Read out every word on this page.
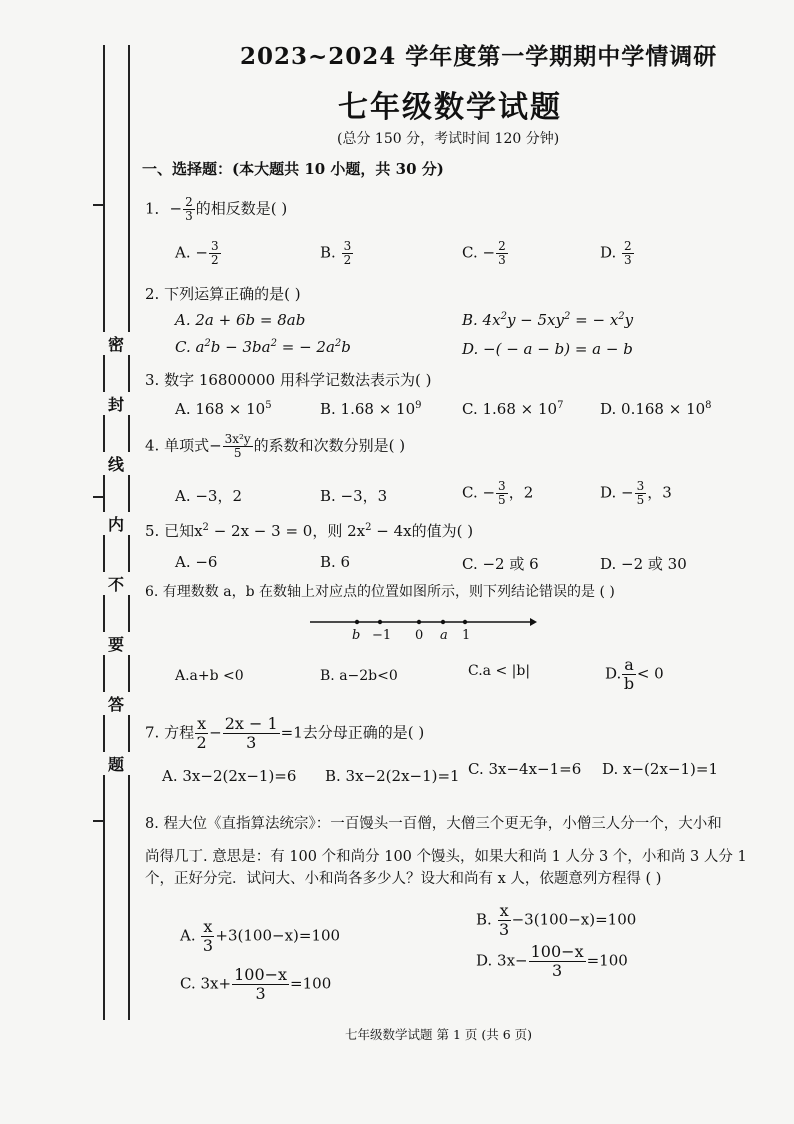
密
封
线
内
不
要
答
题
2023~2024 学年度第一学期期中学情调研
七年级数学试题
(总分 150 分，考试时间 120 分钟)
一、选择题：(本大题共 10 小题，共 30 分)
1．− $\frac{2}{3}$ 的相反数是( )
A. − $\frac{3}{2}$	B. $\frac{3}{2}$	C. − $\frac{2}{3}$	D. $\frac{2}{3}$
2. 下列运算正确的是( )
A. 2a + 6b = 8ab	B. $4x^2y - 5xy^2$ = − $x^2y$
C. $a^2b - 3ba^2$ = − $2a^2b$	D. −( − a − b) = a − b
3. 数字 16800000 用科学记数法表示为( )
A. $168 \times 10^5$	B. $1.68 \times 10^9$	C. $1.68 \times 10^7$ D. $0.168 \times 10^8$
4. 单项式− $\frac{\text{3x²y}}{5}$ 的系数和次数分别是( )
A. −3，2	B. −3，3	C. − $\frac{3}{5}$ ，2	D. − $\frac{3}{5}$ ，3
5. 已知$x^2 - 2x - 3 = 0$，则 $2x^2 - 4x$的值为( )
A. −6	B. 6	C. −2 或 6	D. −2 或 30
6. 有理数数 a，b 在数轴上对应点的位置如图所示，则下列结论错误的是 ( )
b −1 0 a 1
A.a+b <0	B. a−2b<0	C.a < |b|	D. $\frac{a}{b} < 0$
7. 方程 $\frac{x}{2} - \frac{2x - 1}{3} =1$去分母正确的是( )
A. 3x−2(2x−1)=6 B. 3x−2(2x−1)=1 C. 3x−4x−1=6 D. x−(2x−1)=1
8. 程大位《直指算法统宗》：一百馒头一百僧，大僧三个更无争，小僧三人分一个，大小和
尚得几丁. 意思是：有 100 个和尚分 100 个馒头，如果大和尚 1 人分 3 个，小和尚 3 人分 1
个，正好分完．试问大、小和尚各多少人？设大和尚有 x 人，依题意列方程得 ( )
A. $\frac{x}{3} +3(100-x)=100$
B. $\frac{x}{3} -3(100-x)=100$
C. $3x+ \frac{100-x}{3} =100$
D. $3x- \frac{100-x}{3} =100$
七年级数学试题 第 1 页 (共 6 页)
